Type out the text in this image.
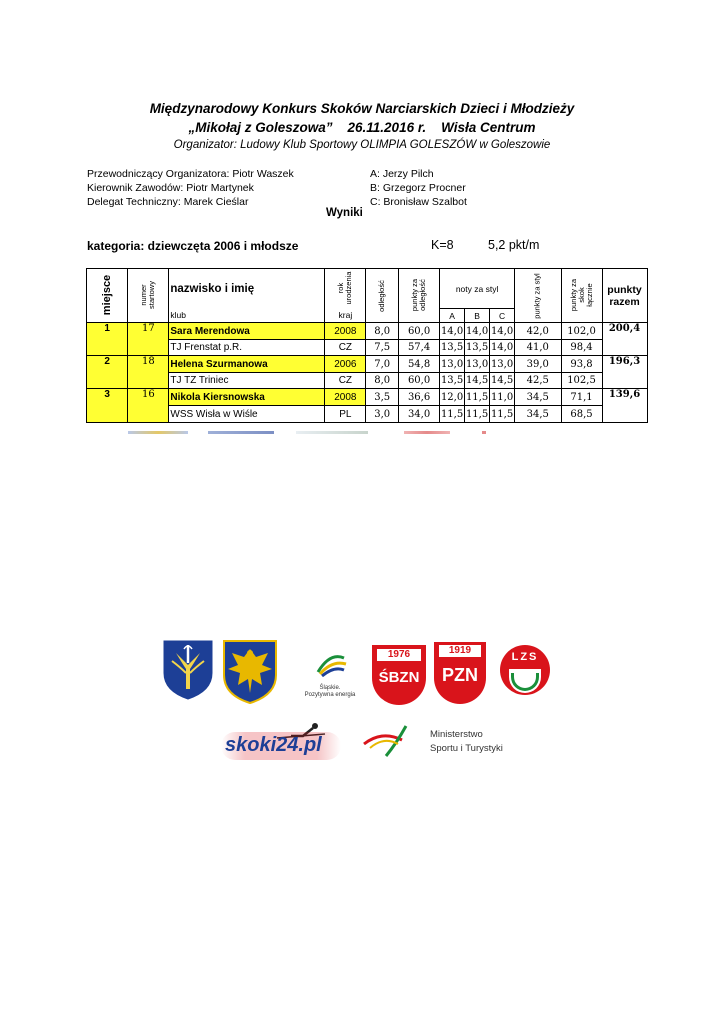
Międzynarodowy Konkurs Skoków Narciarskich Dzieci i Młodzieży
„Mikołaj z Goleszowa”    26.11.2016 r.    Wisła Centrum
Organizator: Ludowy Klub Sportowy OLIMPIA GOLESZÓW w Goleszowie
Przewodniczący Organizatora: Piotr Waszek
Kierownik Zawodów: Piotr Martynek
Delegat Techniczny: Marek Cieślar
A: Jerzy Pilch
B: Grzegorz Procner
C: Bronisław Szalbot
Wyniki
kategoria: dziewczęta 2006 i młodsze	K=8	5,2 pkt/m
miejsce	numer startowy	nazwisko i imię	rok urodzenia	odległość	punkty za odległość	noty za styl			punkty za styl	punkty za skok łącznie	punkty razem
		klub	kraj			A	B	C			
1	17	Sara Merendowa	2008	8,0	60,0	14,0	14,0	14,0	42,0	102,0	200,4
		TJ Frenstat p.R.	CZ	7,5	57,4	13,5	13,5	14,0	41,0	98,4	
2	18	Helena Szurmanowa	2006	7,0	54,8	13,0	13,0	13,0	39,0	93,8	196,3
		TJ TZ Triniec	CZ	8,0	60,0	13,5	14,5	14,5	42,5	102,5	
3	16	Nikola Kiersnowska	2008	3,5	36,6	12,0	11,5	11,0	34,5	71,1	139,6
		WSS Wisła w Wiśle	PL	3,0	34,0	11,5	11,5	11,5	34,5	68,5	
Śląskie.
Pozytywna energia
1976
ŚBZN
1919
PZN
LZS
skoki24.pl	Ministerstwo
Sportu i Turystyki
